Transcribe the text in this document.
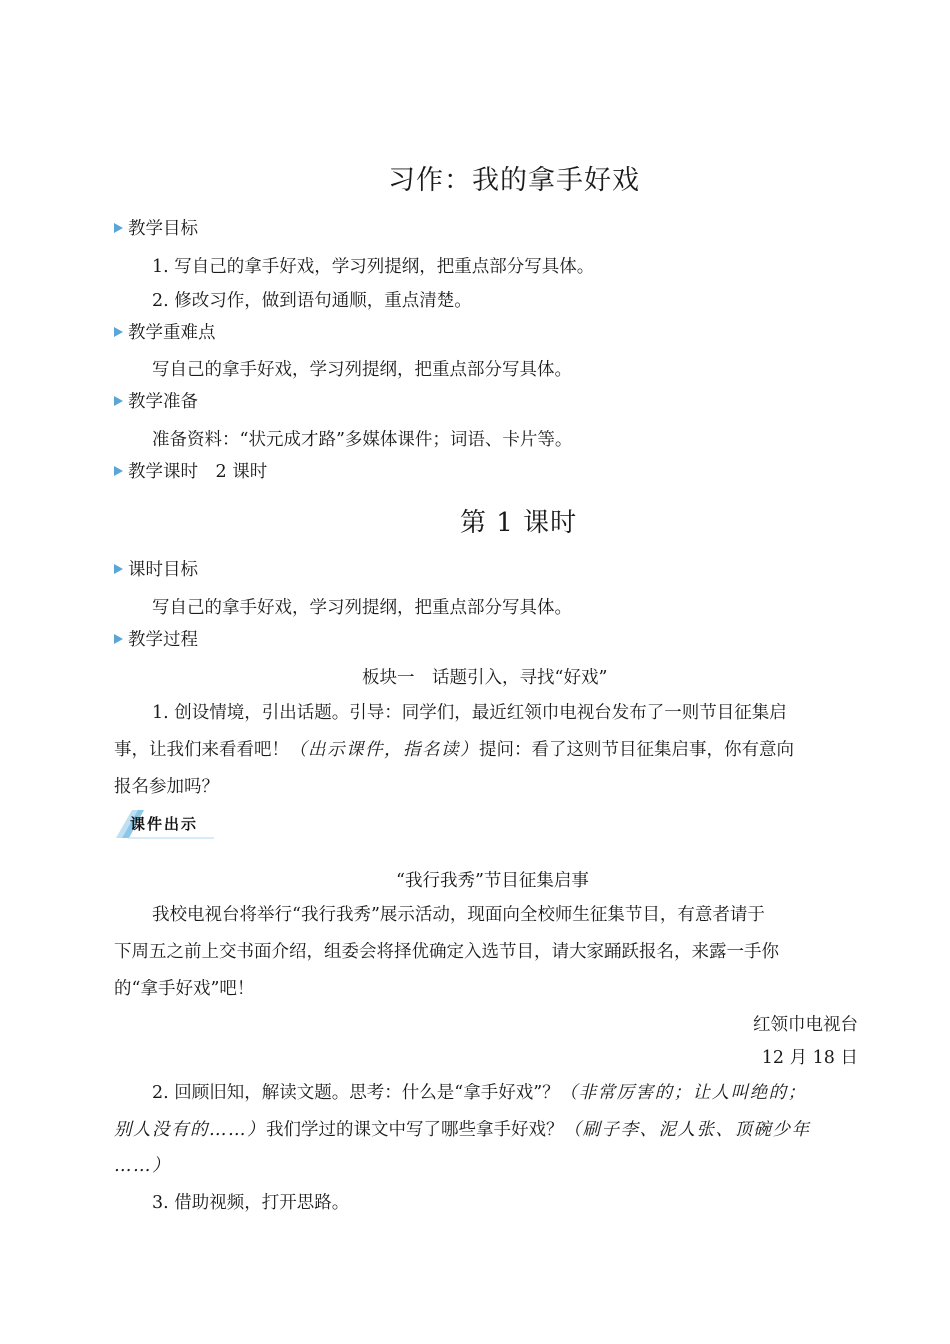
习作：我的拿手好戏
教学目标
1. 写自己的拿手好戏，学习列提纲，把重点部分写具体。
2. 修改习作，做到语句通顺，重点清楚。
教学重难点
写自己的拿手好戏，学习列提纲，把重点部分写具体。
教学准备
准备资料：“状元成才路”多媒体课件；词语、卡片等。
教学课时　2 课时
第 1 课时
课时目标
写自己的拿手好戏，学习列提纲，把重点部分写具体。
教学过程
板块一　话题引入，寻找“好戏”
1. 创设情境，引出话题。引导：同学们，最近红领巾电视台发布了一则节目征集启
事，让我们来看看吧！（出示课件，指名读）提问：看了这则节目征集启事，你有意向
报名参加吗？
课件出示
“我行我秀”节目征集启事
我校电视台将举行“我行我秀”展示活动，现面向全校师生征集节目，有意者请于
下周五之前上交书面介绍，组委会将择优确定入选节目，请大家踊跃报名，来露一手你
的“拿手好戏”吧！
红领巾电视台
12 月 18 日
2. 回顾旧知，解读文题。思考：什么是“拿手好戏”？（非常厉害的；让人叫绝的；
别人没有的……）我们学过的课文中写了哪些拿手好戏？（刷子李、泥人张、顶碗少年
……）
3. 借助视频，打开思路。
